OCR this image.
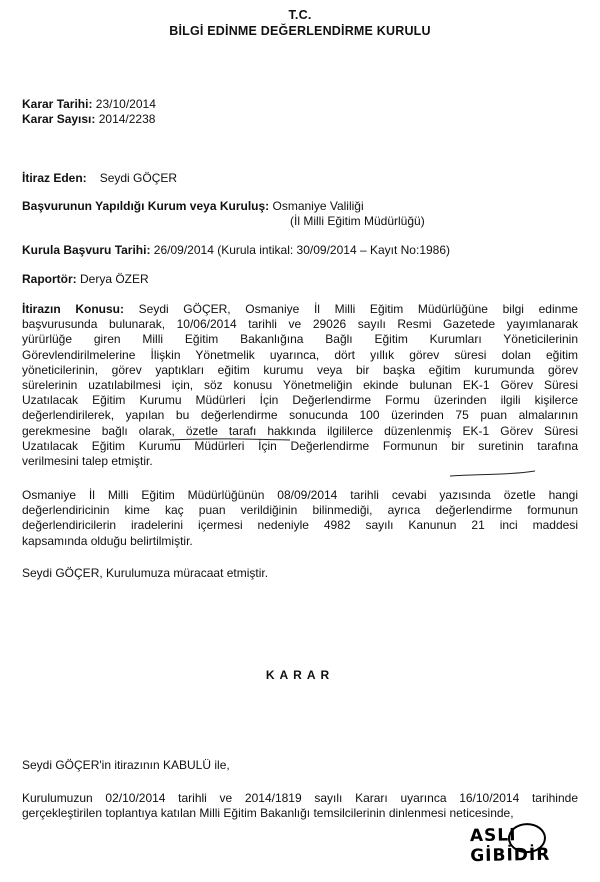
T.C.
BİLGİ EDİNME DEĞERLENDİRME KURULU
Karar Tarihi: 23/10/2014
Karar Sayısı: 2014/2238
İtiraz Eden: Seydi GÖÇER
Başvurunun Yapıldığı Kurum veya Kuruluş: Osmaniye Valiliği
(İl Milli Eğitim Müdürlüğü)
Kurula Başvuru Tarihi: 26/09/2014 (Kurula intikal: 30/09/2014 – Kayıt No:1986)
Raportör: Derya ÖZER
İtirazın Konusu: Seydi GÖÇER, Osmaniye İl Milli Eğitim Müdürlüğüne bilgi edinme
başvurusunda bulunarak, 10/06/2014 tarihli ve 29026 sayılı Resmi Gazetede yayımlanarak
yürürlüğe giren Milli Eğitim Bakanlığına Bağlı Eğitim Kurumları Yöneticilerinin
Görevlendirilmelerine İlişkin Yönetmelik uyarınca, dört yıllık görev süresi dolan eğitim
yöneticilerinin, görev yaptıkları eğitim kurumu veya bir başka eğitim kurumunda görev
sürelerinin uzatılabilmesi için, söz konusu Yönetmeliğin ekinde bulunan EK-1 Görev Süresi
Uzatılacak Eğitim Kurumu Müdürleri İçin Değerlendirme Formu üzerinden ilgili kişilerce
değerlendirilerek, yapılan bu değerlendirme sonucunda 100 üzerinden 75 puan almalarının
gerekmesine bağlı olarak, özetle tarafı hakkında ilgililerce düzenlenmiş EK-1 Görev Süresi
Uzatılacak Eğitim Kurumu Müdürleri İçin Değerlendirme Formunun bir suretinin tarafına
verilmesini talep etmiştir.
Osmaniye İl Milli Eğitim Müdürlüğünün 08/09/2014 tarihli cevabi yazısında özetle hangi
değerlendiricinin kime kaç puan verildiğinin bilinmediği, ayrıca değerlendirme formunun
değerlendiricilerin iradelerini içermesi nedeniyle 4982 sayılı Kanunun 21 inci maddesi
kapsamında olduğu belirtilmiştir.
Seydi GÖÇER, Kurulumuza müracaat etmiştir.
KARAR
Seydi GÖÇER'in itirazının KABULÜ ile,
Kurulumuzun 02/10/2014 tarihli ve 2014/1819 sayılı Kararı uyarınca 16/10/2014 tarihinde
gerçekleştirilen toplantıya katılan Milli Eğitim Bakanlığı temsilcilerinin dinlenmesi neticesinde,
ASLI GİBİDİR
